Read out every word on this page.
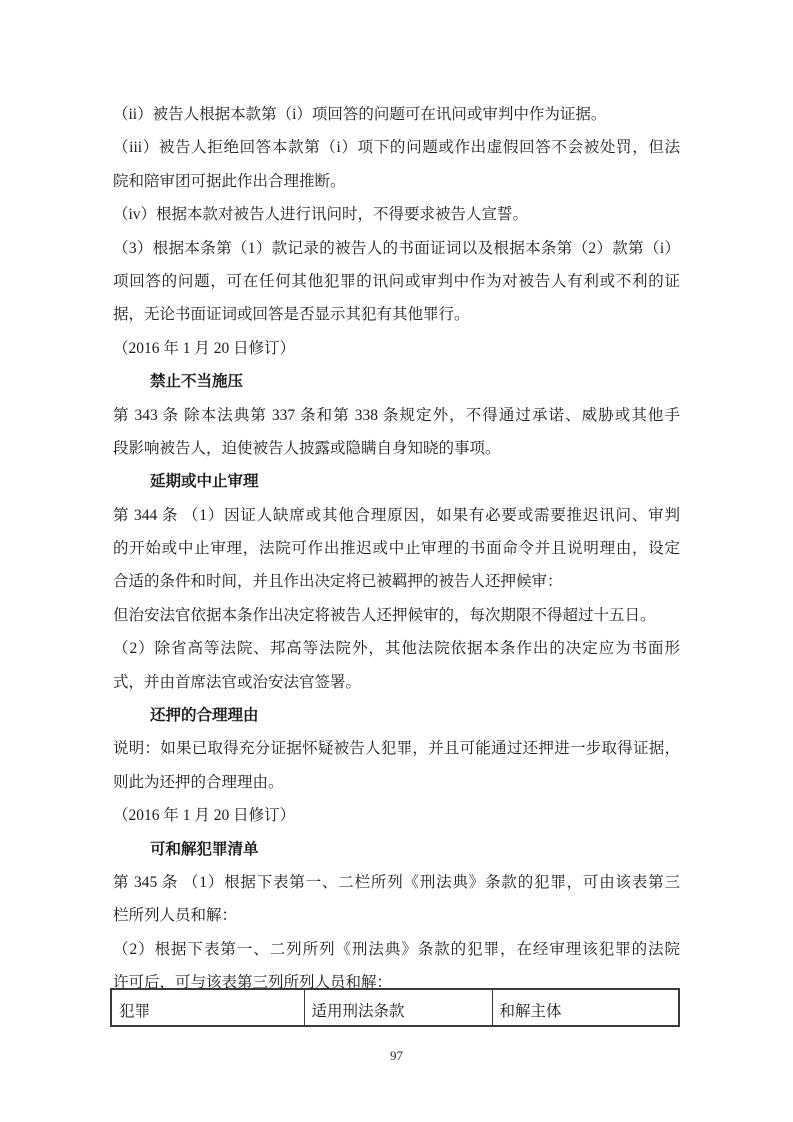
（ii）被告人根据本款第（i）项回答的问题可在讯问或审判中作为证据。
（iii）被告人拒绝回答本款第（i）项下的问题或作出虚假回答不会被处罚，但法
院和陪审团可据此作出合理推断。
（iv）根据本款对被告人进行讯问时，不得要求被告人宣誓。
（3）根据本条第（1）款记录的被告人的书面证词以及根据本条第（2）款第（i）
项回答的问题，可在任何其他犯罪的讯问或审判中作为对被告人有利或不利的证
据，无论书面证词或回答是否显示其犯有其他罪行。
（2016 年 1 月 20 日修订）
禁止不当施压
第 343 条 除本法典第 337 条和第 338 条规定外，不得通过承诺、威胁或其他手
段影响被告人，迫使被告人披露或隐瞒自身知晓的事项。
延期或中止审理
第 344 条 （1）因证人缺席或其他合理原因，如果有必要或需要推迟讯问、审判
的开始或中止审理，法院可作出推迟或中止审理的书面命令并且说明理由，设定
合适的条件和时间，并且作出决定将已被羁押的被告人还押候审：
但治安法官依据本条作出决定将被告人还押候审的，每次期限不得超过十五日。
（2）除省高等法院、邦高等法院外，其他法院依据本条作出的决定应为书面形
式，并由首席法官或治安法官签署。
还押的合理理由
说明：如果已取得充分证据怀疑被告人犯罪，并且可能通过还押进一步取得证据，
则此为还押的合理理由。
（2016 年 1 月 20 日修订）
可和解犯罪清单
第 345 条 （1）根据下表第一、二栏所列《刑法典》条款的犯罪，可由该表第三
栏所列人员和解：
（2）根据下表第一、二列所列《刑法典》条款的犯罪，在经审理该犯罪的法院
许可后，可与该表第三列所列人员和解：
犯罪	适用刑法条款	和解主体
97
